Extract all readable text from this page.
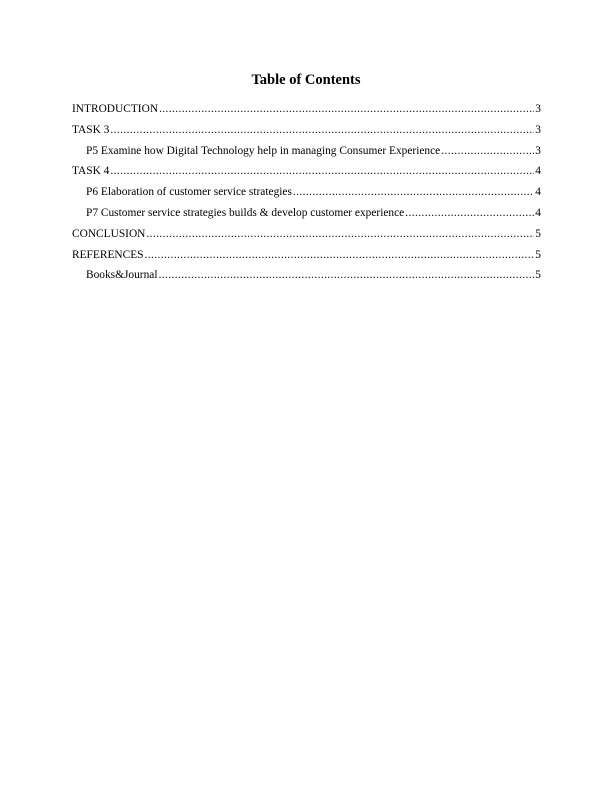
Table of Contents
INTRODUCTION .....	3
TASK 3 .....	3
P5 Examine how Digital Technology help in managing Consumer Experience .....	3
TASK 4 .....	4
P6 Elaboration of customer service strategies .....	4
P7 Customer service strategies builds & develop customer experience .....	4
CONCLUSION .....	5
REFERENCES .....	5
Books&Journal .....	5
